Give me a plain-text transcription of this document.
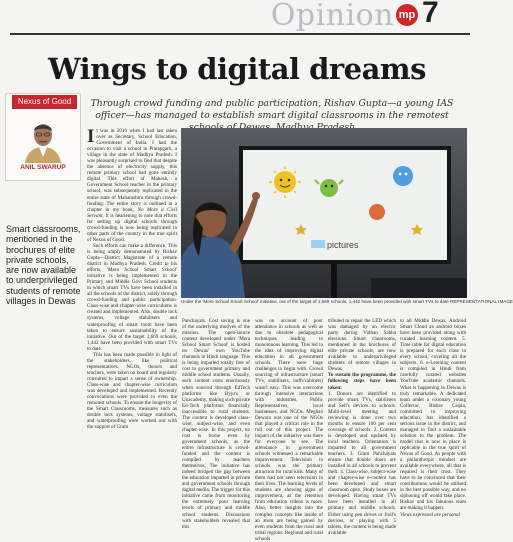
Opinion mp 7
Wings to digital dreams
Through crowd funding and public participation, Rishav Gupta—a young IAS officer—has managed to establish smart digital classrooms in the remotest
Nexus of Good
ANIL SWARUP
Smart classrooms, mentioned in the brochures of elite private schools, are now available to underprivileged students of remote villages in Dewas
pictures
Under the 'More School Smart School' initiative, out of the target of 1,669 schools, 1,442 have been provided with smart TVs to date REPRESENTATIONAL IMAGE
I t was in 2016 when I had last taken over as Secretary, School Education, Government of India. I had the occasion to visit a school in Pratapgarh, a village in the state of Madhya Pradesh. I was pleasantly surprised to find that despite the absence of electricity supply, this remote primary school had gone entirely digital. This effort of Mahesh, a Government School teacher in the primary school, was subsequently replicated in the entire state of Maharashtra through crowd-funding. The entire story is outlined in a chapter in my book, No More a Civil Servant. It is heartening to note that efforts for setting up digital schools through crowd-funding is now being replicated in other parts of the country in the true spirit of Nexus of Good.

Such efforts can make a difference. This is being amply demonstrated by Rishav Gupta—District Magistrate of a remote district in Madhya Pradesh. Credit to his efforts, 'Mera School Smart School' initiative is being implemented in the Primary and Middle Govt School students in which smart TVs have been installed in all the schools of the district, solely through crowd-funding and public participation. Class-wise and chapter-wise curriculums is created and implemented. Also, double lock systems, voltage stabilisers and waterproofing of smart room have been taken to ensure sustainability of the initiative. Out of the target 1,669 schools, 1,442 have been provided with smart TVs to date.

This has been made possible in light of the stakeholders, like political representatives, NGOs, donors and teachers, were taken on board and regularly consulted to impart a sense of ownership. Class-wise and chapter-wise curriculum was developed and implemented. Recently convocations were provided to even the remotest schools. To ensure the longevity of the Smart Classrooms, measures such as double lock systems, voltage stabilisers, and waterproofing were worked out with the support of Gram

Panchayats. Cost saving is one of the underlying motives of the mission. The open-source content developed under 'Mera School Smart School' is hosted on Dewas' own YouTube channels in Hindi language. This is being imparted totally free of cost to government primary and middle school students. Usually, such content costs enormously when sourced through EdTech platforms like Byju's or Unacademy, making such private Ed-Tech platforms financially inaccessible to rural students. The content is developed class-wise, subject-wise, and even chapter-wise. In this project, no cost is borne even by government schools, as the entire infrastructure is crowd-funded and the content is compiled by teachers themselves. The initiative has indeed bridged the gap between the education imparted in private and government schools through digital media. The trigger for this initiative came from monitoring the extremely poor learning levels of primary and middle school students. Discussions with stakeholders revealed that this
was on account of poor attendance in schools as well as due to obsolete pedagogical techniques leading to monotonous learning. This led to the idea of improving digital education in all government schools. There were huge challenges to begin with. Crowd sourcing of infrastructure (smart TVs, stabilisers, buffs'cabinets) wasn't easy. This was overcome through intensive interactions with industries, Public Representatives, local businesses, and NGOs. Meghan Dewara was one of the NGOs that played a critical role in the roll out of this project. The impact of the initiative was there for everyone to see. The attendance in government schools witnessed a remarkable improvement. Television in schools was the primary attraction for rural kids. Many of them had not seen television in their lives. The learning levels of students are showing signs of improvement, as the retention from education videos is more. Also, better insights into the complex concepts like inside of an atom are being gained by even students from the rural and tribal regions. Regional and rural schools

tributed to repair the LED which was damaged by an electric party during Vidhan Sabha elections. Smart classrooms, mentioned in the brochures of elite private schools, are now available to underprivileged students of remote villages in Dewas.

To sustain the programme, the following steps have been taken:

1. Donors are identified to provide smart TVs, stabilisers and Sell's devices to schools. Multi-level meeting and reviewing is done over two months to ensure 100 per cent coverage of schools. 2. Content is developed and updated by local teachers. Orientation is imparted to all government teachers. 3. Gram Panchayats ensure that double doors are installed in all schools to prevent theft. 4. Class-wise, subject-wise and chapter-wise e-content has been developed and smart classroom open. Study boxes are developed. Having smart TVs have been installed in all primary and middle schools. Either using pen drives or Jioll's devices, or playing with 5 tablets, the content is being made available

to all Middle Dewas, Android Smart Cloud an android boxes have been provided along with curated learning content. 5. Time table for digital education is prepared for each class in every school, covering all the subjects. 6. e-Learning content is compiled in Hindi from carefully curated websites YouTube academic channels. What is happening in Dewas is truly remarkable. A dedicated team under a visionary young Collector, Rishav Gupta, committed to improving education, has identified a serious issue in the district, and managed to find a sustainable solution to the problem. The model that is now in place is replicable in the true spirit of Nexus of Good. As people with a philanthropic mindset are available everywhere, all that is required is their trust. They have to be convinced that their contributions would be utilised in the best possible way, and no siphoning off would take place. Rishav and his fabulous team are making it happen.

Views expressed are personal
